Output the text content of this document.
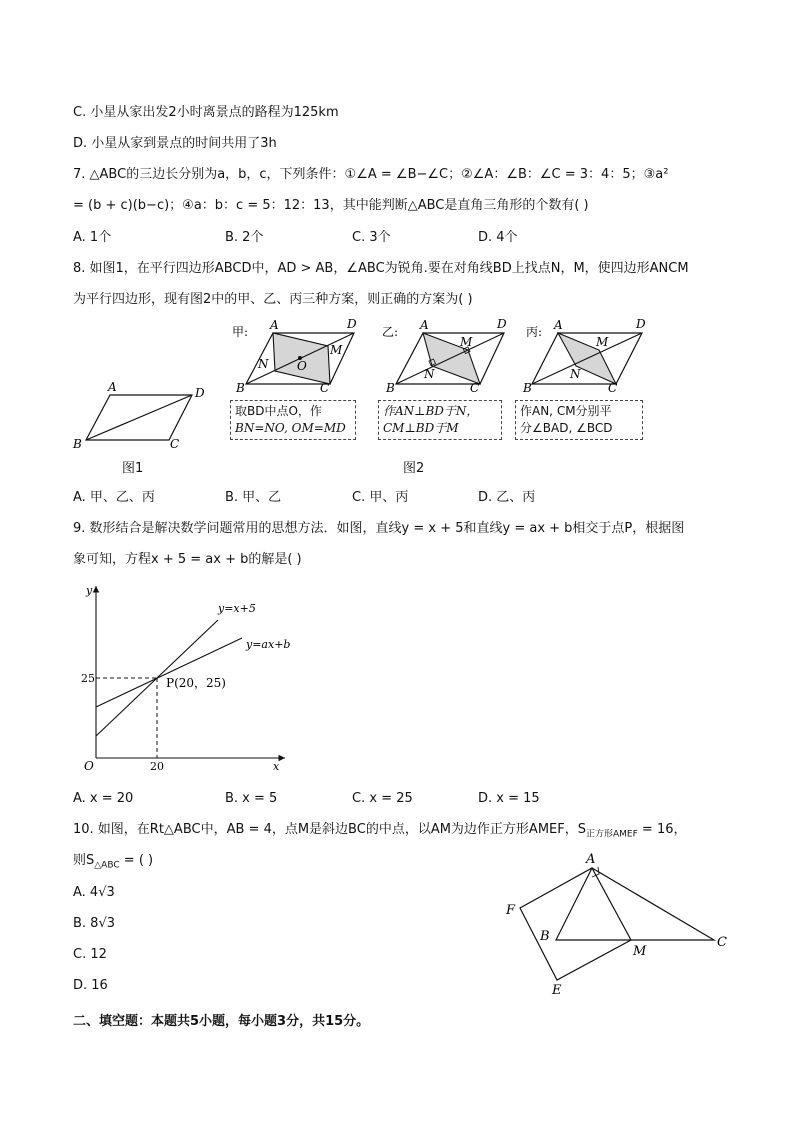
C. 小星从家出发2小时离景点的路程为125km
D. 小星从家到景点的时间共用了3h
7. △ABC的三边长分别为a，b，c，下列条件：①∠A = ∠B−∠C；②∠A：∠B：∠C = 3：4：5；③a²
= (b + c)(b−c)；④a：b：c = 5：12：13，其中能判断△ABC是直角三角形的个数有( )
A. 1个	B. 2个	C. 3个	D. 4个
8. 如图1，在平行四边形ABCD中，AD > AB，∠ABC为锐角.要在对角线BD上找点N，M，使四边形ANCM
为平行四边形，现有图2中的甲、乙、丙三种方案，则正确的方案为( )
A	D
B	C
图1
甲: A	D
B	C
N
M
O
取BD中点O，作
BN=NO, OM=MD
乙: A	D
B	C
N
M
作AN⊥BD于N，
CM⊥BD于M
丙: A	D
B	C
N
M
作AN, CM分别平
分∠BAD, ∠BCD
图2
A. 甲、乙、丙	B. 甲、乙	C. 甲、丙	D. 乙、丙
9. 数形结合是解决数学问题常用的思想方法．如图，直线y = x + 5和直线y = ax + b相交于点P，根据图
象可知，方程x + 5 = ax + b的解是( )
y
x
O
y=x+5
y=ax+b
25
20
P(20，25)
A. x = 20	B. x = 5	C. x = 25	D. x = 15
10. 如图，在Rt△ABC中，AB = 4，点M是斜边BC的中点，以AM为边作正方形AMEF，$S_{正方形AMEF} = 16$，
则$S_{\triangle ABC}$ = ( )
A. 4√3
B. 8√3
C. 12
D. 16
A
B	C
M
E
F
二、填空题：本题共5小题，每小题3分，共15分。
